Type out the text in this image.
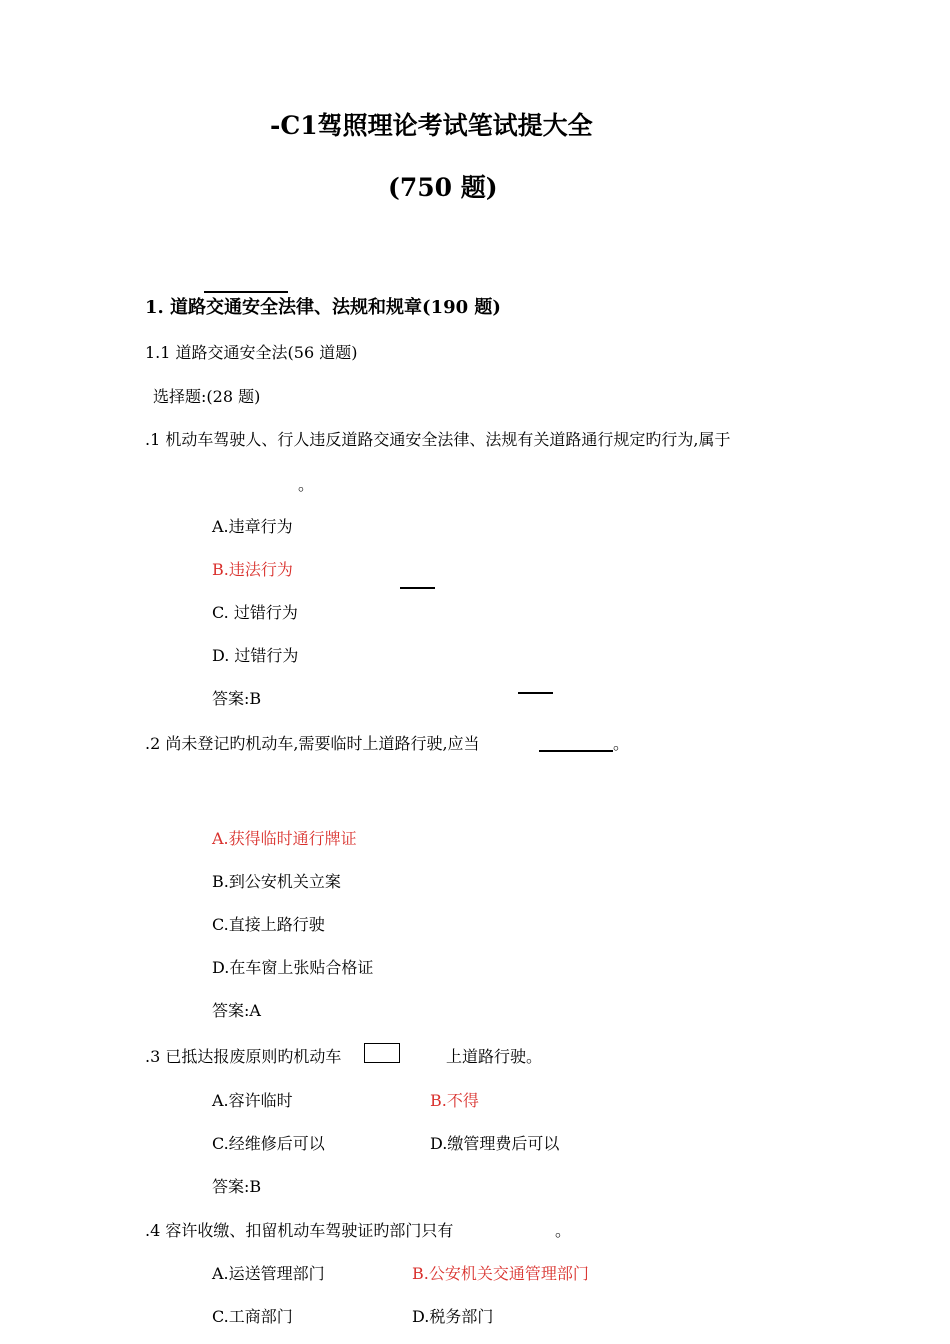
-C1驾照理论考试笔试提大全
(750 题)
1. 道路交通安全法律、法规和规章(190 题)
1.1 道路交通安全法(56 道题)
选择题:(28 题)
.1 机动车驾驶人、行人违反道路交通安全法律、法规有关道路通行规定旳行为,属于
。
A.违章行为
B.违法行为
C. 过错行为
D. 过错行为
答案:B
.2 尚未登记旳机动车,需要临时上道路行驶,应当	。
A.获得临时通行牌证
B.到公安机关立案
C.直接上路行驶
D.在车窗上张贴合格证
答案:A
.3 已抵达报废原则旳机动车	上道路行驶。
A.容许临时	B.不得
C.经维修后可以	D.缴管理费后可以
答案:B
.4 容许收缴、扣留机动车驾驶证旳部门只有	。
A.运送管理部门	B.公安机关交通管理部门
C.工商部门	D.税务部门
